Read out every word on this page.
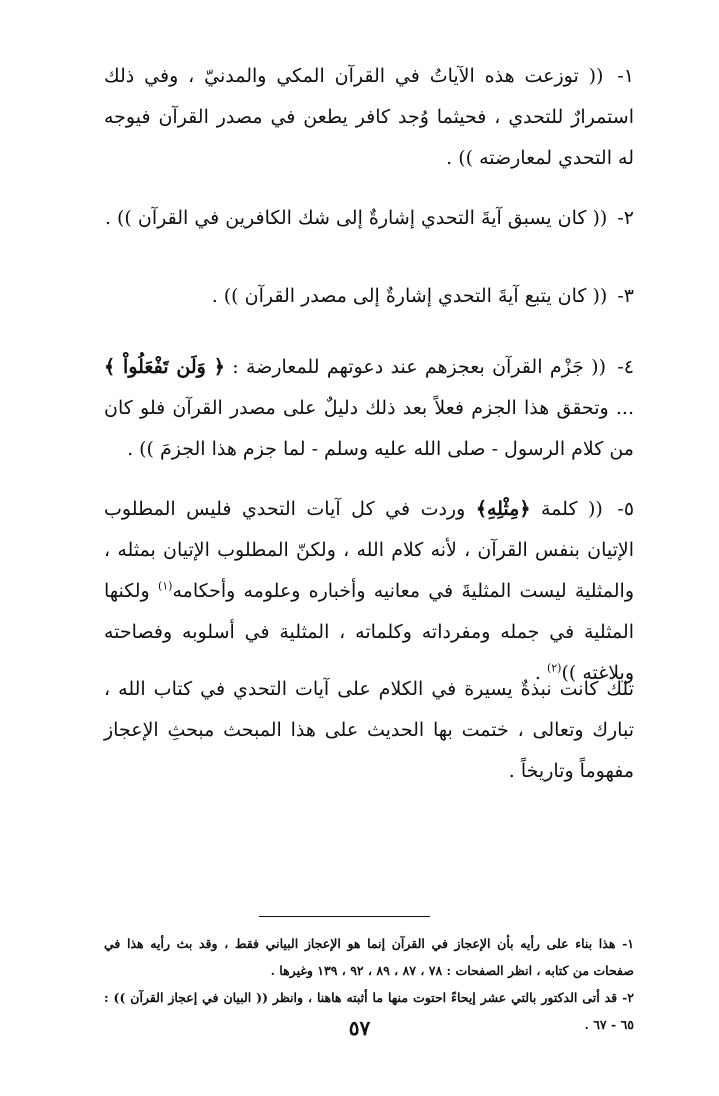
١- (( توزعت هذه الآياتُ في القرآن المكي والمدنيّ ، وفي ذلك استمرارٌ للتحدي ، فحيثما وُجد كافر يطعن في مصدر القرآن فيوجه له التحدي لمعارضته )) .

٢- (( كان يسبق آيةَ التحدي إشارةٌ إلى شك الكافرين في القرآن )) .

٣- (( كان يتبع آيةَ التحدي إشارةٌ إلى مصدر القرآن )) .

٤- (( جَزْم القرآن بعجزهم عند دعوتهم للمعارضة : ﴿ وَلَن تَفْعَلُواْ ﴾ ... وتحقق هذا الجزم فعلاً بعد ذلك دليلٌ على مصدر القرآن فلو كان من كلام الرسول - صلى الله عليه وسلم - لما جزم هذا الجزمَ )) .

٥- (( كلمة ﴿مِثْلِهِ﴾ وردت في كل آيات التحدي فليس المطلوب الإتيان بنفس القرآن ، لأنه كلام الله ، ولكنّ المطلوب الإتيان بمثله ، والمثلية ليست المثليةَ في معانيه وأخباره وعلومه وأحكامه$^{(١)}$ ولكنها المثلية في جمله ومفرداته وكلماته ، المثلية في أسلوبه وفصاحته وبلاغته ))$^{(٢)}$ .

تلك كانت نبذةٌ يسيرة في الكلام على آيات التحدي في كتاب الله ، تبارك وتعالى ، ختمت بها الحديث على هذا المبحث مبحثِ الإعجاز مفهوماً وتاريخاً .

١- هذا بناء على رأيه بأن الإعجاز في القرآن إنما هو الإعجاز البياني فقط ، وقد بث رأيه هذا في صفحات من كتابه ، انظر الصفحات : ٧٨ ، ٨٧ ، ٨٩ ، ٩٢ ، ١٣٩ وغيرها .

٢- قد أتى الدكتور بالتي عشر إيحاءً احتوت منها ما أثبته هاهنا ، وانظر (( البيان في إعجاز القرآن )) : ٦٥ - ٦٧ .

٥٧
